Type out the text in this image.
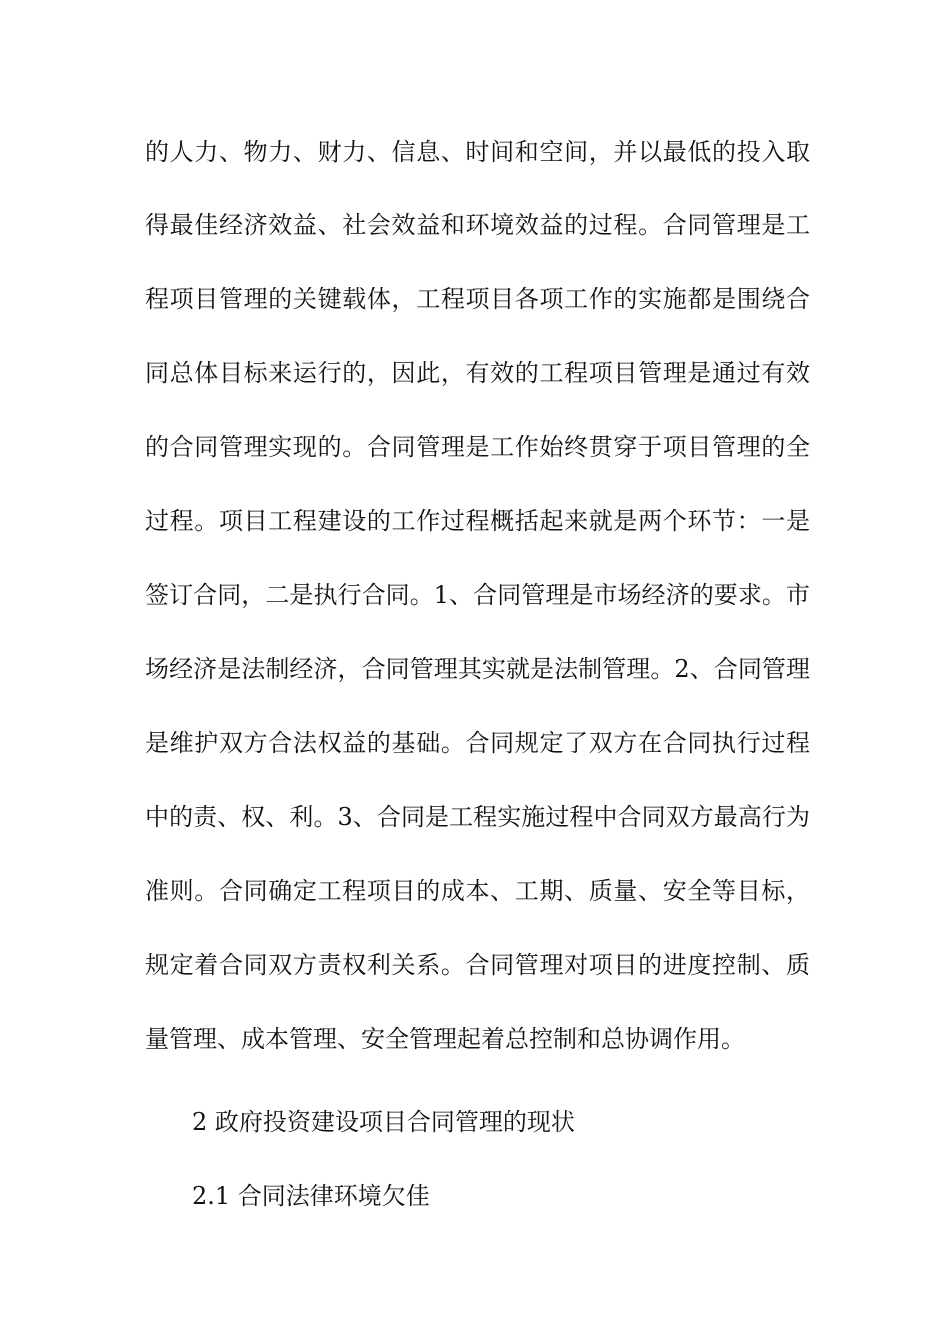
的人力、物力、财力、信息、时间和空间，并以最低的投入取
得最佳经济效益、社会效益和环境效益的过程。合同管理是工
程项目管理的关键载体，工程项目各项工作的实施都是围绕合
同总体目标来运行的，因此，有效的工程项目管理是通过有效
的合同管理实现的。合同管理是工作始终贯穿于项目管理的全
过程。项目工程建设的工作过程概括起来就是两个环节：一是
签订合同，二是执行合同。1、合同管理是市场经济的要求。市
场经济是法制经济，合同管理其实就是法制管理。2、合同管理
是维护双方合法权益的基础。合同规定了双方在合同执行过程
中的责、权、利。3、合同是工程实施过程中合同双方最高行为
准则。合同确定工程项目的成本、工期、质量、安全等目标，
规定着合同双方责权利关系。合同管理对项目的进度控制、质
量管理、成本管理、安全管理起着总控制和总协调作用。
2 政府投资建设项目合同管理的现状
2.1 合同法律环境欠佳
